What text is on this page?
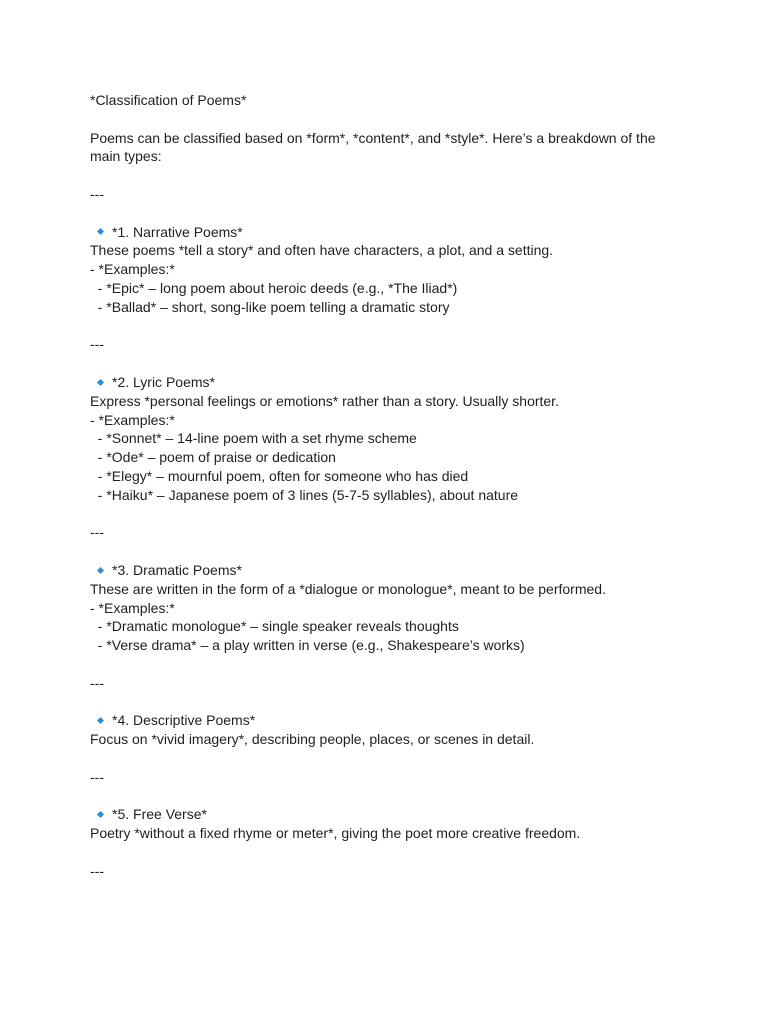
*Classification of Poems*
Poems can be classified based on *form*, *content*, and *style*. Here’s a breakdown of the
main types:
---
*1. Narrative Poems*
These poems *tell a story* and often have characters, a plot, and a setting.
- *Examples:*
- *Epic* – long poem about heroic deeds (e.g., *The Iliad*)
- *Ballad* – short, song-like poem telling a dramatic story
---
*2. Lyric Poems*
Express *personal feelings or emotions* rather than a story. Usually shorter.
- *Examples:*
- *Sonnet* – 14-line poem with a set rhyme scheme
- *Ode* – poem of praise or dedication
- *Elegy* – mournful poem, often for someone who has died
- *Haiku* – Japanese poem of 3 lines (5-7-5 syllables), about nature
---
*3. Dramatic Poems*
These are written in the form of a *dialogue or monologue*, meant to be performed.
- *Examples:*
- *Dramatic monologue* – single speaker reveals thoughts
- *Verse drama* – a play written in verse (e.g., Shakespeare’s works)
---
*4. Descriptive Poems*
Focus on *vivid imagery*, describing people, places, or scenes in detail.
---
*5. Free Verse*
Poetry *without a fixed rhyme or meter*, giving the poet more creative freedom.
---
